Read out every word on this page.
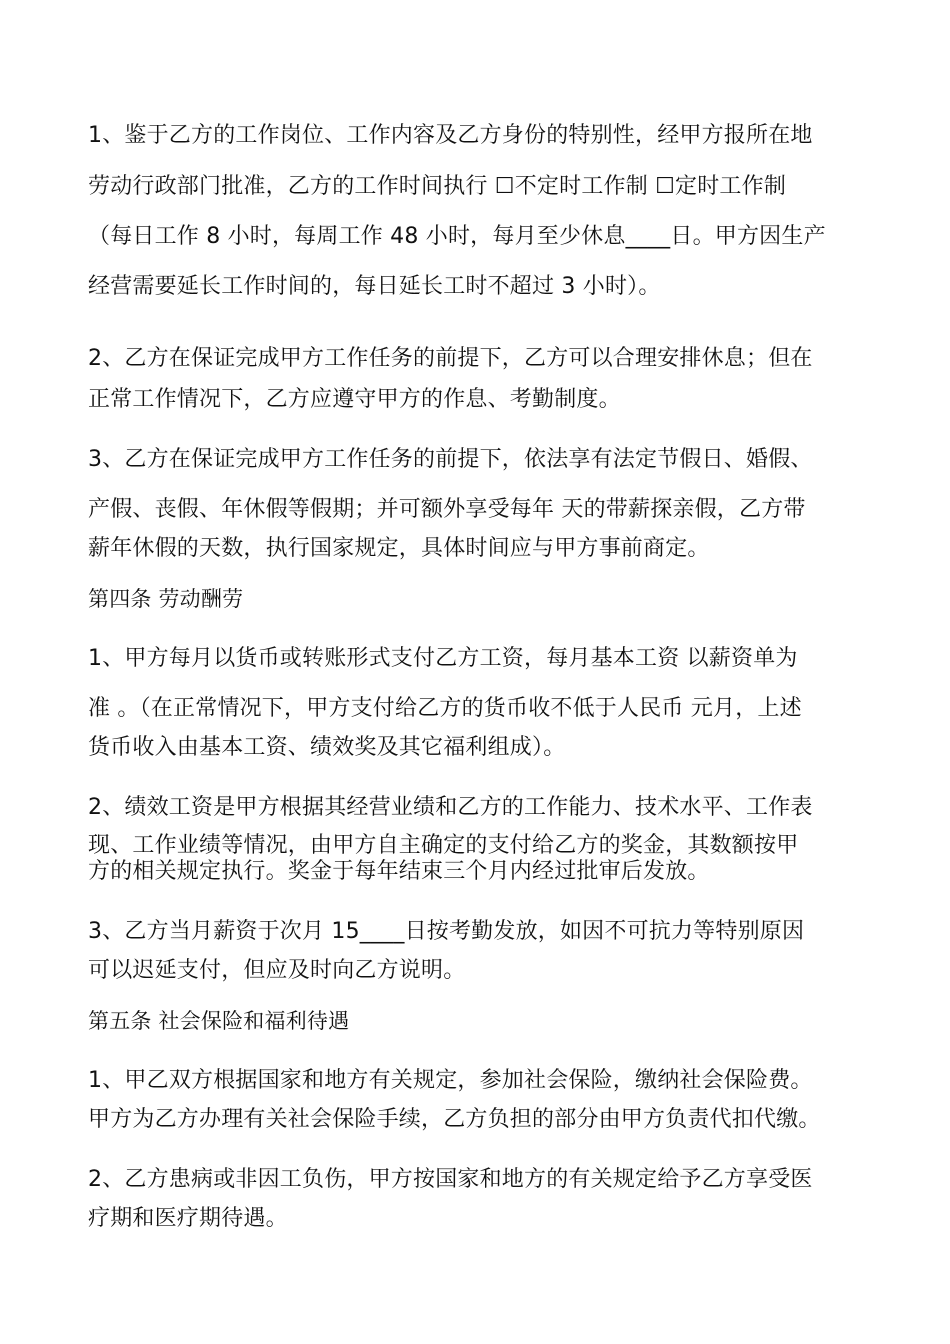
1、鉴于乙方的工作岗位、工作内容及乙方身份的特别性，经甲方报所在地
劳动行政部门批准，乙方的工作时间执行 ☐不定时工作制 ☐定时工作制
（每日工作 8 小时，每周工作 48 小时，每月至少休息____日。甲方因生产
经营需要延长工作时间的，每日延长工时不超过 3 小时）。
2、乙方在保证完成甲方工作任务的前提下，乙方可以合理安排休息；但在
正常工作情况下，乙方应遵守甲方的作息、考勤制度。
3、乙方在保证完成甲方工作任务的前提下，依法享有法定节假日、婚假、
产假、丧假、年休假等假期；并可额外享受每年 天的带薪探亲假，乙方带
薪年休假的天数，执行国家规定，具体时间应与甲方事前商定。
第四条 劳动酬劳
1、甲方每月以货币或转账形式支付乙方工资，每月基本工资 以薪资单为
准 。（在正常情况下，甲方支付给乙方的货币收不低于人民币 元月，上述
货币收入由基本工资、绩效奖及其它福利组成）。
2、绩效工资是甲方根据其经营业绩和乙方的工作能力、技术水平、工作表
现、工作业绩等情况，由甲方自主确定的支付给乙方的奖金，其数额按甲
方的相关规定执行。奖金于每年结束三个月内经过批审后发放。
3、乙方当月薪资于次月 15____日按考勤发放，如因不可抗力等特别原因
可以迟延支付，但应及时向乙方说明。
第五条 社会保险和福利待遇
1、甲乙双方根据国家和地方有关规定，参加社会保险，缴纳社会保险费。
甲方为乙方办理有关社会保险手续，乙方负担的部分由甲方负责代扣代缴。
2、乙方患病或非因工负伤，甲方按国家和地方的有关规定给予乙方享受医
疗期和医疗期待遇。
